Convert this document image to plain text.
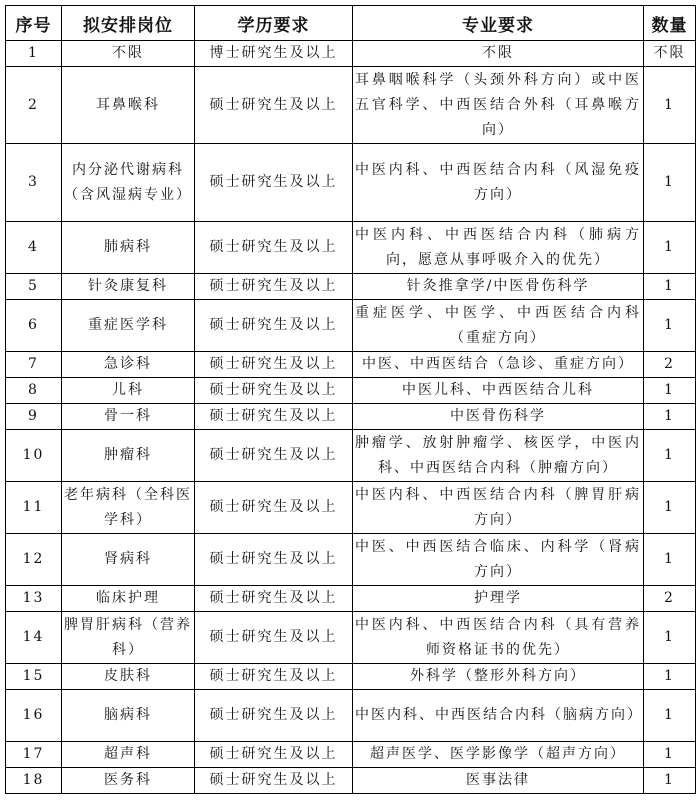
序号	拟安排岗位	学历要求	专业要求	数量
1	不限	博士研究生及以上	不限	不限
2	耳鼻喉科	硕士研究生及以上	耳鼻咽喉科学（头颈外科方向）或中医五官科学、中西医结合外科（耳鼻喉方向）	1
3	内分泌代谢病科（含风湿病专业）	硕士研究生及以上	中医内科、中西医结合内科（风湿免疫方向）	1
4	肺病科	硕士研究生及以上	中医内科、中西医结合内科（肺病方向，愿意从事呼吸介入的优先）	1
5	针灸康复科	硕士研究生及以上	针灸推拿学/中医骨伤科学	1
6	重症医学科	硕士研究生及以上	重症医学、中医学、中西医结合内科（重症方向）	1
7	急诊科	硕士研究生及以上	中医、中西医结合（急诊、重症方向）	2
8	儿科	硕士研究生及以上	中医儿科、中西医结合儿科	1
9	骨一科	硕士研究生及以上	中医骨伤科学	1
10	肿瘤科	硕士研究生及以上	肿瘤学、放射肿瘤学、核医学，中医内科、中西医结合内科（肿瘤方向）	1
11	老年病科（全科医学科）	硕士研究生及以上	中医内科、中西医结合内科（脾胃肝病方向）	1
12	肾病科	硕士研究生及以上	中医、中西医结合临床、内科学（肾病方向）	1
13	临床护理	硕士研究生及以上	护理学	2
14	脾胃肝病科（营养科）	硕士研究生及以上	中医内科、中西医结合内科（具有营养师资格证书的优先）	1
15	皮肤科	硕士研究生及以上	外科学（整形外科方向）	1
16	脑病科	硕士研究生及以上	中医内科、中西医结合内科（脑病方向）	1
17	超声科	硕士研究生及以上	超声医学、医学影像学（超声方向）	1
18	医务科	硕士研究生及以上	医事法律	1
